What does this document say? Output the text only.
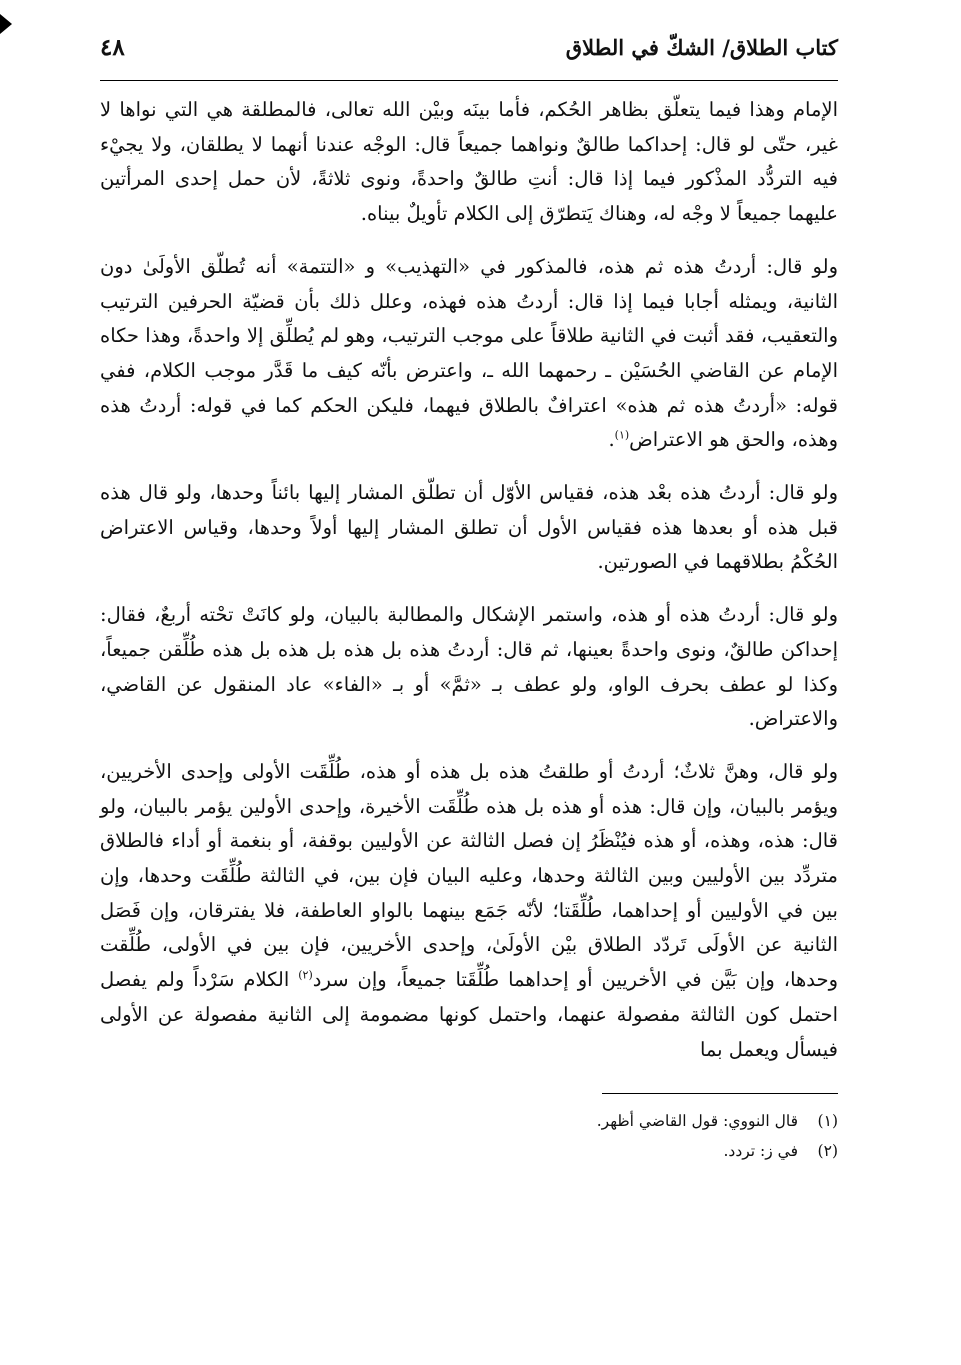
كتاب الطلاق/ الشكّ في الطلاق
٤٨

الإمام وهذا فيما يتعلّق بظاهر الحُكم، فأما بينَه وبيْن الله تعالى، فالمطلقة هي التي نواها لا غير، حتّى لو قال: إحداكما طالقٌ ونواهما جميعاً قال: الوجْه عندنا أنهما لا يطلقان، ولا يجيْء فيه التردُّد المذْكور فيما إذا قال: أنتِ طالقٌ واحدةً، ونوى ثلاثةً، لأن حمل إحدى المرأتين عليهما جميعاً لا وجْه له، وهناك يَتطرّق إلى الكلام تأويلٌ بيناه.

ولو قال: أردتُ هذه ثم هذه، فالمذكور في «التهذيب» و «التتمة» أنه تُطلّق الأولَىٰ دون الثانية، ويمثله أجابا فيما إذا قال: أردتُ هذه فهذه، وعلل ذلك بأن قضيّة الحرفين الترتيب والتعقيب، فقد أثبت في الثانية طلاقاً على موجب الترتيب، وهو لم يُطلِّق إلا واحدةً، وهذا حكاه الإمام عن القاضي الحُسَيْن ـ رحمهما الله ـ، واعترض بأنّه كيف ما قَدَّر موجب الكلام، ففي قوله: «أردتُ هذه ثم هذه» اعترافٌ بالطلاق فيهما، فليكن الحكم كما في قوله: أردتُ هذه وهذه، والحق هو الاعتراض$^{(١)}$.

ولو قال: أردتُ هذه بعْد هذه، فقياس الأوّل أن تطلّق المشار إليها بائناً وحدها، ولو قال هذه قبل هذه أو بعدها هذه فقياس الأول أن تطلق المشار إليها أولاً وحدها، وقياس الاعتراض الحُكْمُ بطلاقهما في الصورتين.

ولو قال: أردتُ هذه أو هذه، واستمر الإشكال والمطالبة بالبيان، ولو كانَتْ تحْته أربعٌ، فقال: إحداكن طالقٌ، ونوى واحدةً بعينها، ثم قال: أردتُ هذه بل هذه بل هذه بل هذه طُلِّقن جميعاً، وكذا لو عطف بحرف الواو، ولو عطف بـ «ثمَّ» أو بـ «الفاء» عاد المنقول عن القاضي، والاعتراض.

ولو قال، وهنَّ ثلاثٌ؛ أردتُ أو طلقتُ هذه بل هذه أو هذه، طُلِّقَت الأولى وإحدى الأخريين، ويؤمر بالبيان، وإن قال: هذه أو هذه بل هذه طُلِّقَت الأخيرة، وإحدى الأولين يؤمر بالبيان، ولو قال: هذه، وهذه، أو هذه فيُنْظَرُ إن فصل الثالثة عن الأوليين بوقفة، أو بنغمة أو أداء فالطلاق متردِّد بين الأوليين وبين الثالثة وحدها، وعليه البيان فإن بين، في الثالثة طُلِّقَت وحدها، وإن بين في الأوليين أو إحداهما، طُلِّقَتا؛ لأنّه جَمَع بينهما بالواو العاطفة، فلا يفترقان، وإن فَصَل الثانية عن الأولَى تَردّد الطلاق بيْن الأولَىٰ، وإحدى الأخريين، فإن بين في الأولى، طُلِّقت وحدها، وإن بَيَّن في الأخريين أو إحداهما طُلِّقَتا جميعاً، وإن سرد$^{(٢)}$ الكلام سَرْداً ولم يفصل احتمل كون الثالثة مفصولة عنهما، واحتمل كونها مضمومة إلى الثانية مفصولة عن الأولى فيسأل ويعمل بما

(١)قال النووي: قول القاضي أظهر.

(٢)في ز: تردد.
